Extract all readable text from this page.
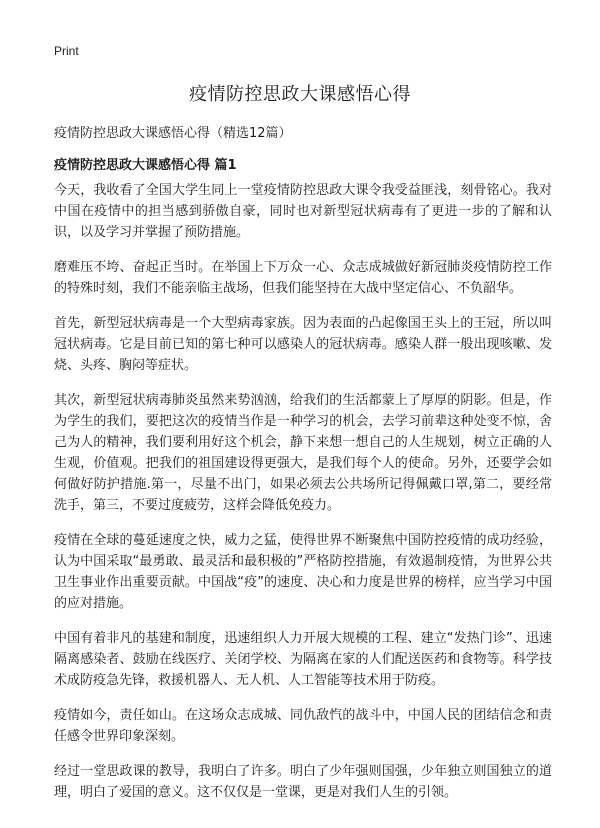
Print
疫情防控思政大课感悟心得

疫情防控思政大课感悟心得（精选12篇）

疫情防控思政大课感悟心得 篇1

今天，我收看了全国大学生同上一堂疫情防控思政大课令我受益匪浅，刻骨铭心。我对中国在疫情中的担当感到骄傲自豪，同时也对新型冠状病毒有了更进一步的了解和认识，以及学习并掌握了预防措施。

磨难压不垮、奋起正当时。在举国上下万众一心、众志成城做好新冠肺炎疫情防控工作的特殊时刻，我们不能亲临主战场，但我们能坚持在大战中坚定信心、不负韶华。

首先，新型冠状病毒是一个大型病毒家族。因为表面的凸起像国王头上的王冠，所以叫冠状病毒。它是目前已知的第七种可以感染人的冠状病毒。感染人群一般出现咳嗽、发烧、头疼、胸闷等症状。

其次，新型冠状病毒肺炎虽然来势汹汹，给我们的生活都蒙上了厚厚的阴影。但是，作为学生的我们，要把这次的疫情当作是一种学习的机会，去学习前辈这种处变不惊，舍己为人的精神，我们要利用好这个机会，静下来想一想自己的人生规划，树立正确的人生观，价值观。把我们的祖国建设得更强大，是我们每个人的使命。另外，还要学会如何做好防护措施.第一，尽量不出门，如果必须去公共场所记得佩戴口罩,第二，要经常洗手，第三，不要过度疲劳，这样会降低免疫力。

疫情在全球的蔓延速度之快，威力之猛，使得世界不断聚焦中国防控疫情的成功经验，认为中国采取“最勇敢、最灵活和最积极的”严格防控措施，有效遏制疫情，为世界公共卫生事业作出重要贡献。中国战“疫”的速度、决心和力度是世界的榜样，应当学习中国的应对措施。

中国有着非凡的基建和制度，迅速组织人力开展大规模的工程、建立“发热门诊”、迅速隔离感染者、鼓励在线医疗、关闭学校、为隔离在家的人们配送医药和食物等。科学技术成防疫急先锋，救援机器人、无人机、人工智能等技术用于防疫。

疫情如今，责任如山。在这场众志成城、同仇敌忾的战斗中，中国人民的团结信念和责任感令世界印象深刻。

经过一堂思政课的教导，我明白了许多。明白了少年强则国强，少年独立则国独立的道理，明白了爱国的意义。这不仅仅是一堂课，更是对我们人生的引领。
